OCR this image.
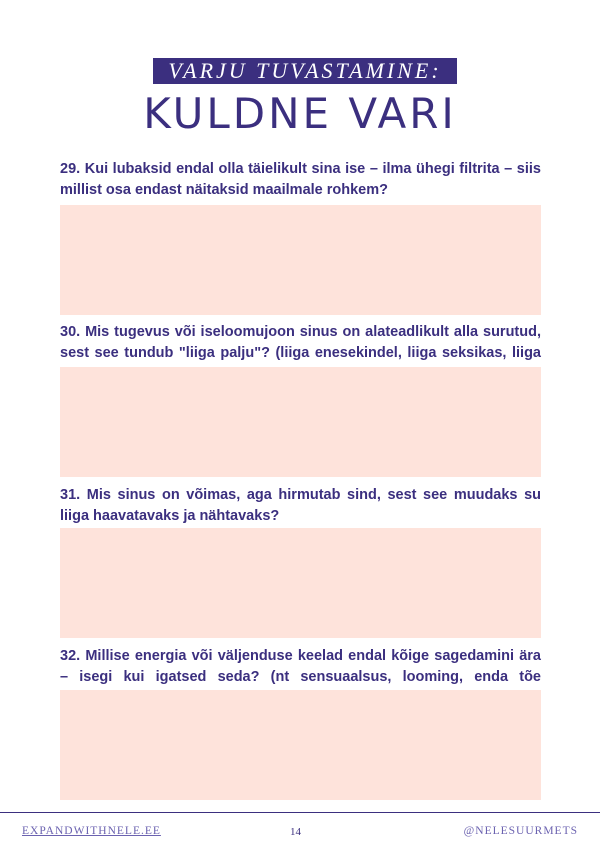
VARJU TUVASTAMINE:
KULDNE VARI
29. Kui lubaksid endal olla täielikult sina ise – ilma ühegi filtrita – siis millist osa endast näitaksid maailmale rohkem?
30. Mis tugevus või iseloomujoon sinus on alateadlikult alla surutud, sest see tundub "liiga palju"? (liiga enesekindel, liiga seksikas, liiga
31. Mis sinus on võimas, aga hirmutab sind, sest see muudaks su liiga haavatavaks ja nähtavaks?
32. Millise energia või väljenduse keelad endal kõige sagedamini ära – isegi kui igatsed seda? (nt sensuaalsus, looming, enda tõe
EXPANDWITHNELE.EE	14	@NELESUURMETS
